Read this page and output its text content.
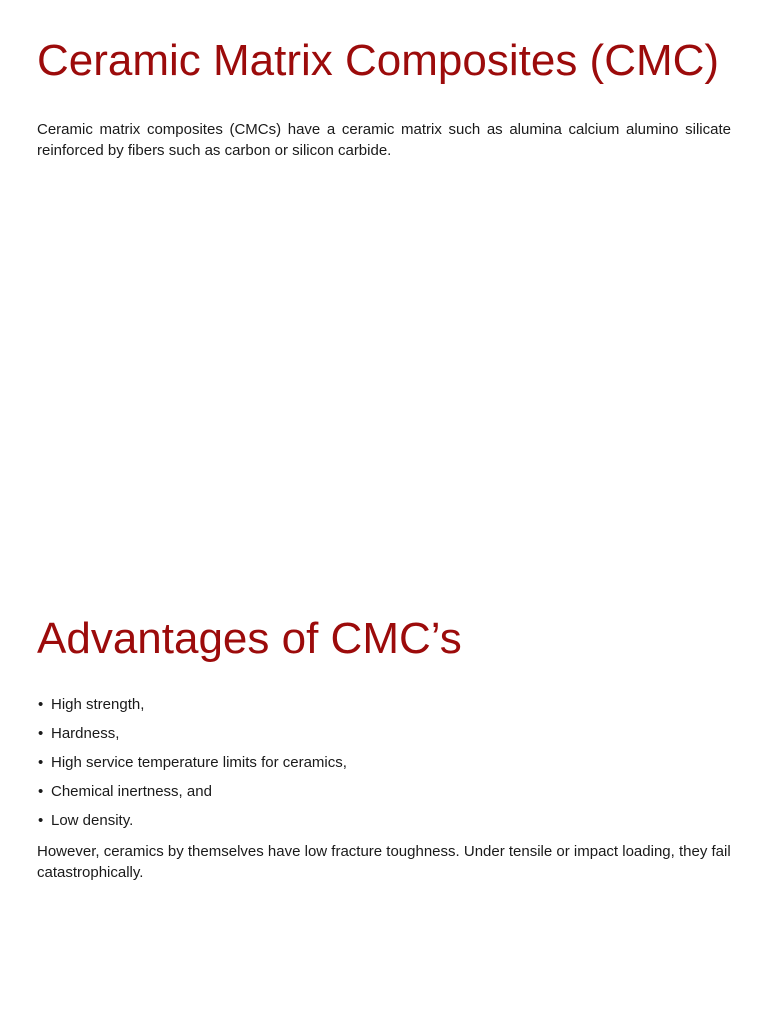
Ceramic Matrix Composites (CMC)

Ceramic matrix composites (CMCs) have a ceramic matrix such as alumina calcium alumino silicate reinforced by fibers such as carbon or silicon carbide.

Advantages of CMC’s
• High strength,
• Hardness,
• High service temperature limits for ceramics,
• Chemical inertness, and
• Low density.

However, ceramics by themselves have low fracture toughness. Under tensile or impact loading, they fail catastrophically.
